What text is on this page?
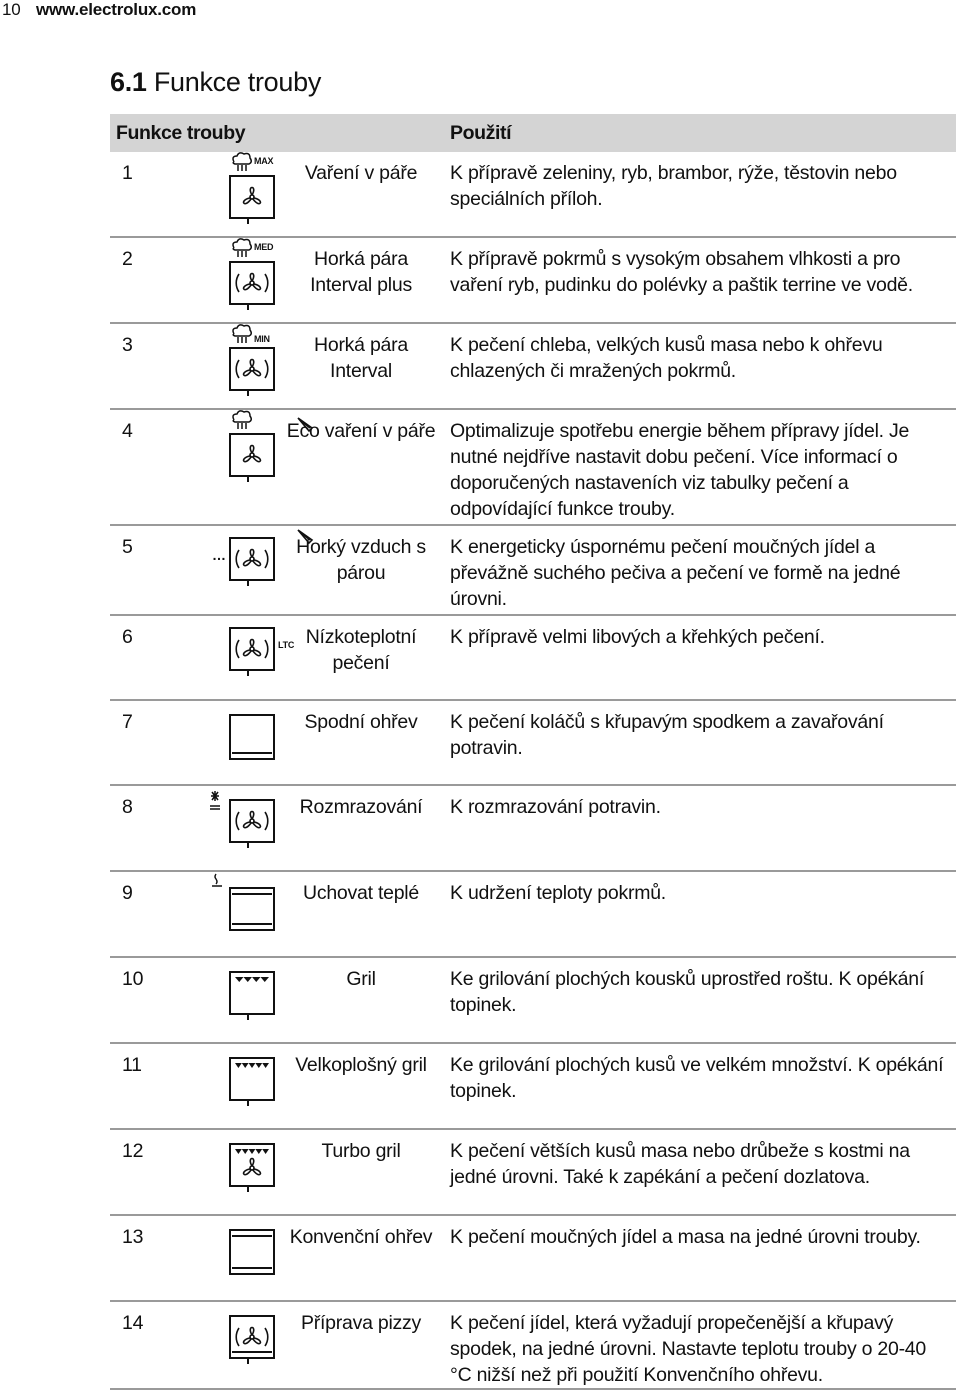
10 www.electrolux.com
6.1 Funkce trouby
Funkce trouby			Použití
1	MAX	Vaření v páře	K přípravě zeleniny, ryb, brambor, rýže, těstovin nebo speciálních příloh.
2	MED	Horká pára Interval plus	K přípravě pokrmů s vysokým obsahem vlhkosti a pro vaření ryb, pudinku do polévky a paštik terrine ve vodě.
3	MIN	Horká pára Interval	K pečení chleba, velkých kusů masa nebo k ohřevu chlazených či mražených pokrmů.
4		Eco vaření v páře	Optimalizuje spotřebu energie během přípravy jídel. Je nutné nejdříve nastavit dobu pečení. Více informací o doporučených nastaveních viz tabulky pečení a odpovídající funkce trouby.
5	…	Horký vzduch s párou	K energeticky úspornému pečení moučných jídel a převážně suchého pečiva a pečení ve formě na jedné úrovni.
6	LTC	Nízkoteplotní pečení	K přípravě velmi libových a křehkých pečení.
7		Spodní ohřev	K pečení koláčů s křupavým spodkem a zavařování potravin.
8		Rozmrazování	K rozmrazování potravin.
9		Uchovat teplé	K udržení teploty pokrmů.
10		Gril	Ke grilování plochých kousků uprostřed roštu. K opékání topinek.
11		Velkoplošný gril	Ke grilování plochých kusů ve velkém množství. K opékání topinek.
12		Turbo gril	K pečení větších kusů masa nebo drůbeže s kostmi na jedné úrovni. Také k zapékání a pečení dozlatova.
13		Konvenční ohřev	K pečení moučných jídel a masa na jedné úrovni trouby.
14		Příprava pizzy	K pečení jídel, která vyžadují propečenější a křupavý spodek, na jedné úrovni. Nastavte teplotu trouby o 20-40 °C nižší než při použití Konvenčního ohřevu.
